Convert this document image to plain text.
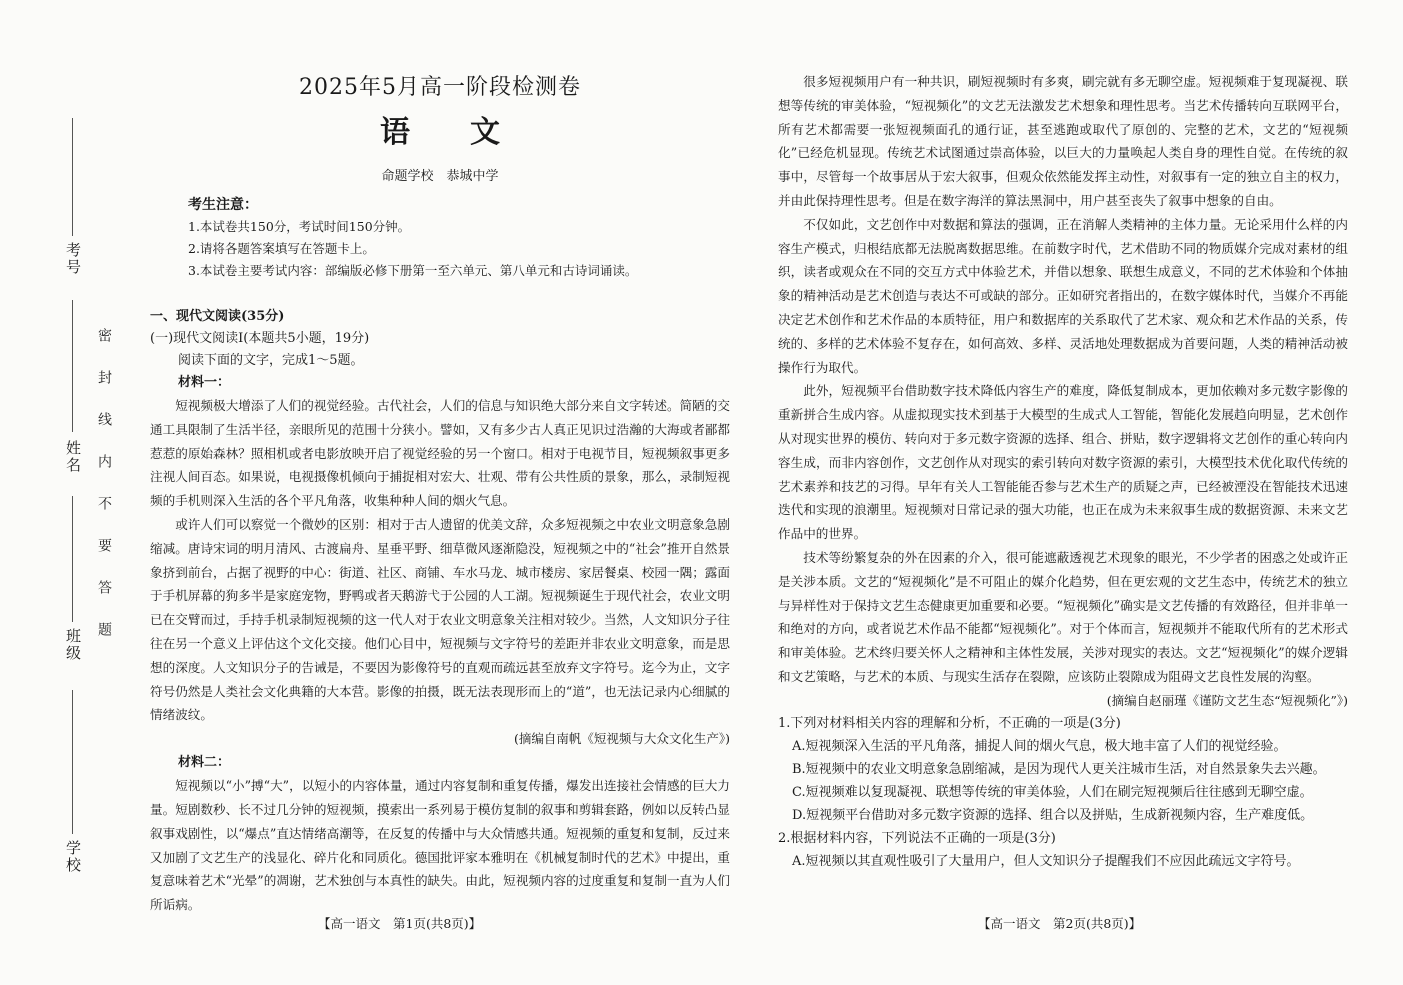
考号
姓名
班级
学校
密封线内不要答题
2025年5月高一阶段检测卷
语文
命题学校　恭城中学
考生注意：
1.本试卷共150分，考试时间150分钟。
2.请将各题答案填写在答题卡上。
3.本试卷主要考试内容：部编版必修下册第一至六单元、第八单元和古诗词诵读。
一、现代文阅读(35分)
(一)现代文阅读Ⅰ(本题共5小题，19分)
阅读下面的文字，完成1～5题。
材料一：

短视频极大增添了人们的视觉经验。古代社会，人们的信息与知识绝大部分来自文字转述。简陋的交通工具限制了生活半径，亲眼所见的范围十分狭小。譬如，又有多少古人真正见识过浩瀚的大海或者鄙都惹惹的原始森林？照相机或者电影放映开启了视觉经验的另一个窗口。相对于电视节目，短视频叙事更多注视人间百态。如果说，电视摄像机倾向于捕捉相对宏大、壮观、带有公共性质的景象，那么，录制短视频的手机则深入生活的各个平凡角落，收集种种人间的烟火气息。

或许人们可以察觉一个微妙的区别：相对于古人遗留的优美文辞，众多短视频之中农业文明意象急剧缩减。唐诗宋词的明月清风、古渡扁舟、星垂平野、细草微风逐渐隐没，短视频之中的“社会”推开自然景象挤到前台，占据了视野的中心：街道、社区、商铺、车水马龙、城市楼房、家居餐桌、校园一隅；露面于手机屏幕的狗多半是家庭宠物，野鸭或者天鹅游弋于公园的人工湖。短视频诞生于现代社会，农业文明已在交臂而过，手持手机录制短视频的这一代人对于农业文明意象关注相对较少。当然，人文知识分子往往在另一个意义上评估这个文化交接。他们心目中，短视频与文字符号的差距并非农业文明意象，而是思想的深度。人文知识分子的告诫是，不要因为影像符号的直观而疏远甚至放弃文字符号。迄今为止，文字符号仍然是人类社会文化典籍的大本营。影像的拍摄，既无法表现形而上的“道”，也无法记录内心细腻的情绪波纹。

(摘编自南帆《短视频与大众文化生产》)
材料二：

短视频以“小”搏“大”，以短小的内容体量，通过内容复制和重复传播，爆发出连接社会情感的巨大力量。短剧数秒、长不过几分钟的短视频，摸索出一系列易于模仿复制的叙事和剪辑套路，例如以反转凸显叙事戏剧性，以“爆点”直达情绪高潮等，在反复的传播中与大众情感共通。短视频的重复和复制，反过来又加剧了文艺生产的浅显化、碎片化和同质化。德国批评家本雅明在《机械复制时代的艺术》中提出，重复意味着艺术“光晕”的凋谢，艺术独创与本真性的缺失。由此，短视频内容的过度重复和复制一直为人们所诟病。

很多短视频用户有一种共识，刷短视频时有多爽，刷完就有多无聊空虚。短视频难于复现凝视、联想等传统的审美体验，“短视频化”的文艺无法激发艺术想象和理性思考。当艺术传播转向互联网平台，所有艺术都需要一张短视频面孔的通行证，甚至逃跑或取代了原创的、完整的艺术，文艺的“短视频化”已经危机显现。传统艺术试图通过崇高体验，以巨大的力量唤起人类自身的理性自觉。在传统的叙事中，尽管每一个故事居从于宏大叙事，但观众依然能发挥主动性，对叙事有一定的独立自主的权力，并由此保持理性思考。但是在数字海洋的算法黑洞中，用户甚至丧失了叙事中想象的自由。

不仅如此，文艺创作中对数据和算法的强调，正在消解人类精神的主体力量。无论采用什么样的内容生产模式，归根结底都无法脱离数据思维。在前数字时代，艺术借助不同的物质媒介完成对素材的组织，读者或观众在不同的交互方式中体验艺术，并借以想象、联想生成意义，不同的艺术体验和个体抽象的精神活动是艺术创造与表达不可或缺的部分。正如研究者指出的，在数字媒体时代，当媒介不再能决定艺术创作和艺术作品的本质特征，用户和数据库的关系取代了艺术家、观众和艺术作品的关系，传统的、多样的艺术体验不复存在，如何高效、多样、灵活地处理数据成为首要问题，人类的精神活动被操作行为取代。

此外，短视频平台借助数字技术降低内容生产的难度，降低复制成本，更加依赖对多元数字影像的重新拼合生成内容。从虚拟现实技术到基于大模型的生成式人工智能，智能化发展趋向明显，艺术创作从对现实世界的模仿、转向对于多元数字资源的选择、组合、拼贴，数字逻辑将文艺创作的重心转向内容生成，而非内容创作，文艺创作从对现实的索引转向对数字资源的索引，大模型技术优化取代传统的艺术素养和技艺的习得。早年有关人工智能能否参与艺术生产的质疑之声，已经被湮没在智能技术迅速迭代和实现的浪潮里。短视频对日常记录的强大功能，也正在成为未来叙事生成的数据资源、未来文艺作品中的世界。

技术等纷繁复杂的外在因素的介入，很可能遮蔽透视艺术现象的眼光，不少学者的困惑之处或许正是关涉本质。文艺的“短视频化”是不可阻止的媒介化趋势，但在更宏观的文艺生态中，传统艺术的独立与异样性对于保持文艺生态健康更加重要和必要。“短视频化”确实是文艺传播的有效路径，但并非单一和绝对的方向，或者说艺术作品不能都“短视频化”。对于个体而言，短视频并不能取代所有的艺术形式和审美体验。艺术终归要关怀人之精神和主体性发展，关涉对现实的表达。文艺“短视频化”的媒介逻辑和文艺策略，与艺术的本质、与现实生活存在裂隙，应该防止裂隙成为阻碍文艺良性发展的沟壑。

(摘编自赵丽瑾《谨防文艺生态“短视频化”》)
1.下列对材料相关内容的理解和分析，不正确的一项是(3分)
A.短视频深入生活的平凡角落，捕捉人间的烟火气息，极大地丰富了人们的视觉经验。
B.短视频中的农业文明意象急剧缩减，是因为现代人更关注城市生活，对自然景象失去兴趣。
C.短视频难以复现凝视、联想等传统的审美体验，人们在刷完短视频后往往感到无聊空虚。
D.短视频平台借助对多元数字资源的选择、组合以及拼贴，生成新视频内容，生产难度低。
2.根据材料内容，下列说法不正确的一项是(3分)
A.短视频以其直观性吸引了大量用户，但人文知识分子提醒我们不应因此疏远文字符号。
【高一语文　第1页(共8页)】	【高一语文　第2页(共8页)】
